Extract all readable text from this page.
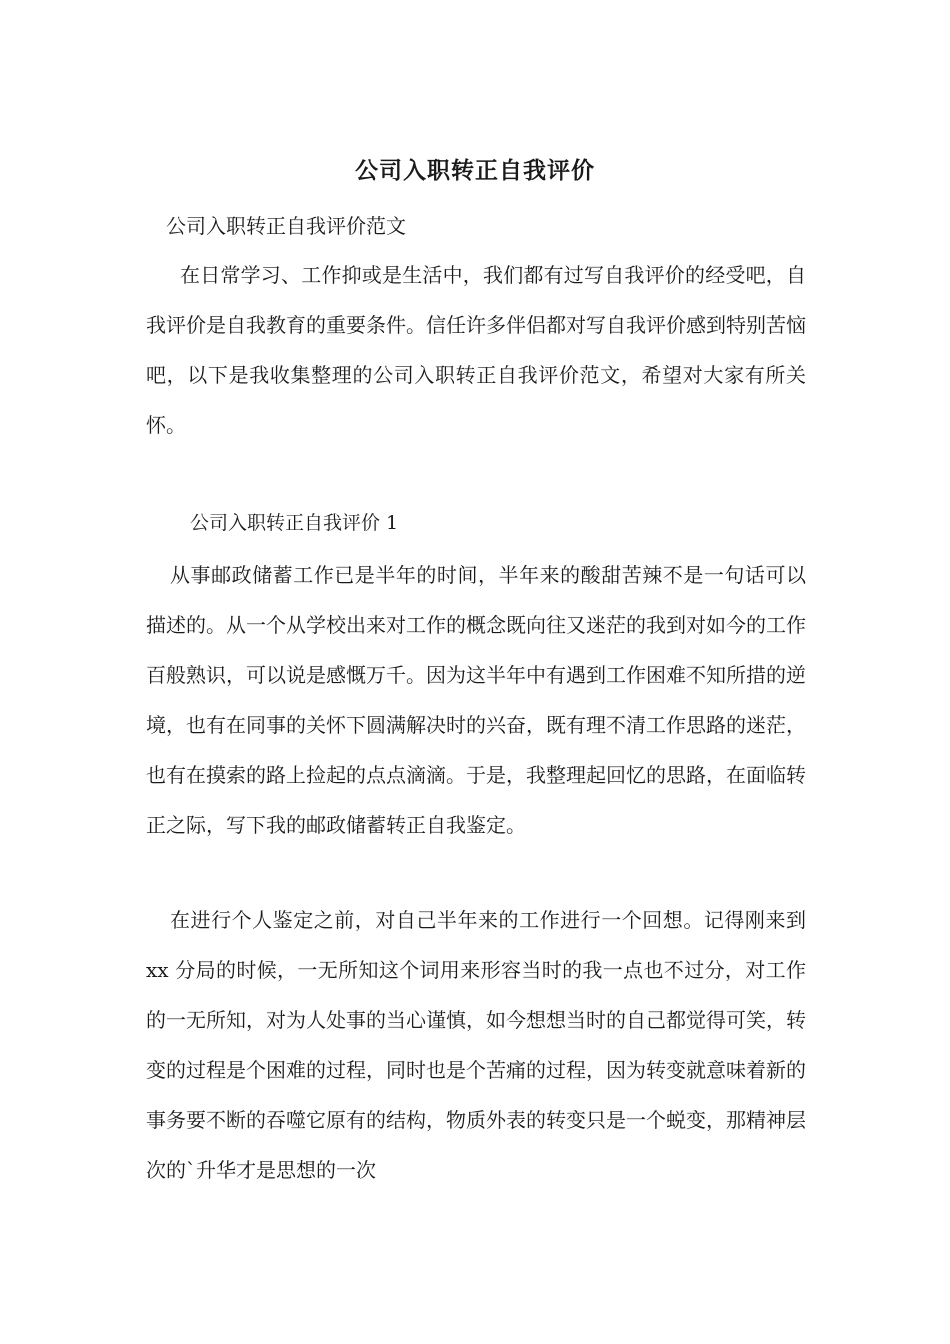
公司入职转正自我评价
公司入职转正自我评价范文

在日常学习、工作抑或是生活中，我们都有过写自我评价的经受吧，自我评价是自我教育的重要条件。信任许多伴侣都对写自我评价感到特别苦恼吧，以下是我收集整理的公司入职转正自我评价范文，希望对大家有所关怀。

公司入职转正自我评价 1

从事邮政储蓄工作已是半年的时间，半年来的酸甜苦辣不是一句话可以描述的。从一个从学校出来对工作的概念既向往又迷茫的我到对如今的工作百般熟识，可以说是感慨万千。因为这半年中有遇到工作困难不知所措的逆境，也有在同事的关怀下圆满解决时的兴奋，既有理不清工作思路的迷茫，也有在摸索的路上捡起的点点滴滴。于是，我整理起回忆的思路，在面临转正之际，写下我的邮政储蓄转正自我鉴定。

在进行个人鉴定之前，对自己半年来的工作进行一个回想。记得刚来到 xx 分局的时候，一无所知这个词用来形容当时的我一点也不过分，对工作的一无所知，对为人处事的当心谨慎，如今想想当时的自己都觉得可笑，转变的过程是个困难的过程，同时也是个苦痛的过程，因为转变就意味着新的事务要不断的吞噬它原有的结构，物质外表的转变只是一个蜕变，那精神层次的`升华才是思想的一次
